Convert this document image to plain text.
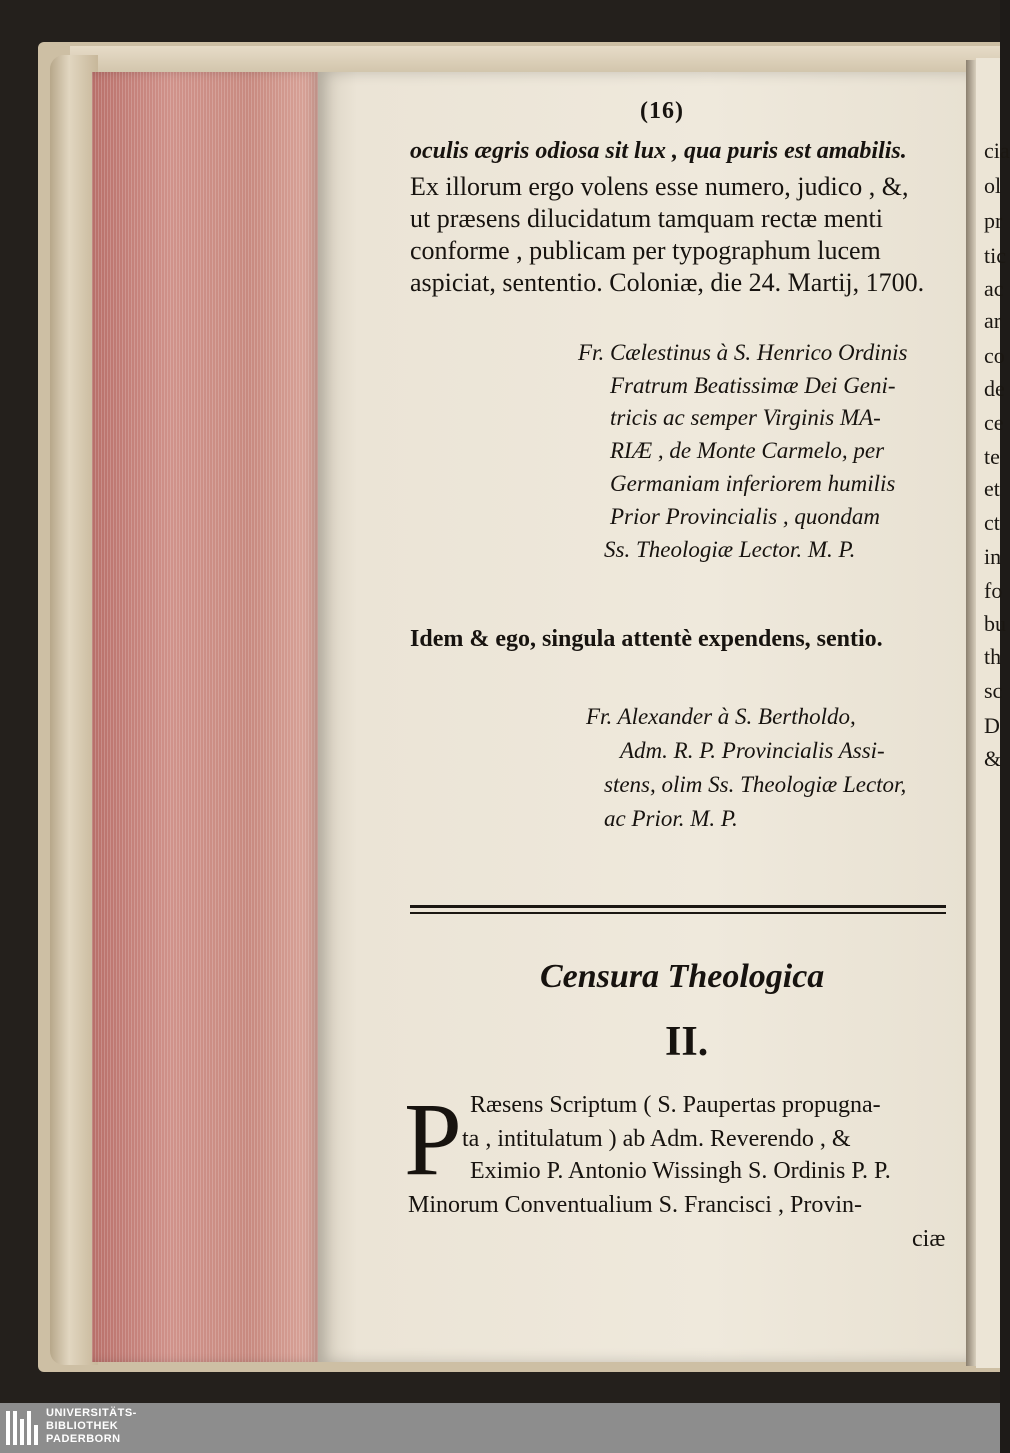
cia
ol
pr
tic
ac
ar
co
de
ce
te
et
ct
in
fo
bu
th
sc
D
&
(16)
oculis ægris odiosa sit lux , qua puris est amabilis.
Ex illorum ergo volens esse numero, judico , &,
ut præsens dilucidatum tamquam rectæ menti
conforme , publicam per typographum lucem
aspiciat, sententio. Coloniæ, die 24. Martij, 1700.
Fr. Cælestinus à S. Henrico Ordinis
Fratrum Beatissimæ Dei Geni-
tricis ac semper Virginis MA-
RIÆ , de Monte Carmelo, per
Germaniam inferiorem humilis
Prior Provincialis , quondam
Ss. Theologiæ Lector. M. P.
Idem & ego, singula attentè expendens, sentio.
Fr. Alexander à S. Bertholdo,
Adm. R. P. Provincialis Assi-
stens, olim Ss. Theologiæ Lector,
ac Prior. M. P.
Censura Theologica
II.
P Ræsens Scriptum ( S. Paupertas propugna-
ta , intitulatum ) ab Adm. Reverendo , &
Eximio P. Antonio Wissingh S. Ordinis P. P.
Minorum Conventualium S. Francisci , Provin-
ciæ
UNIVERSITÄTS-
BIBLIOTHEK
PADERBORN
